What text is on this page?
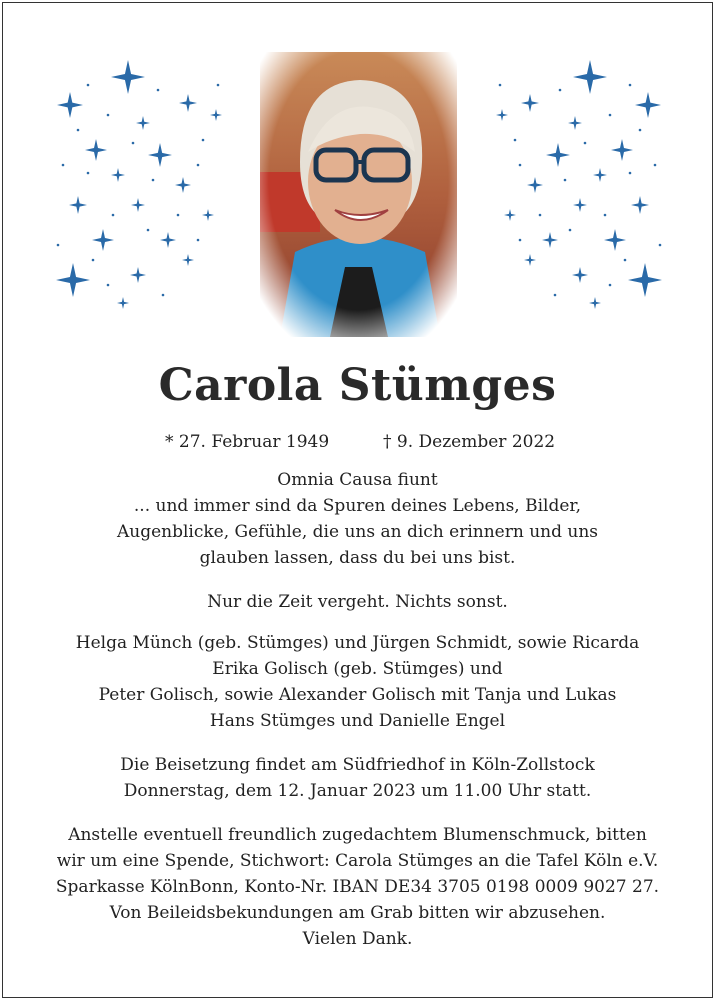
Carola Stümges
* 27. Februar 1949	† 9. Dezember 2022
Omnia Causa fiunt
... und immer sind da Spuren deines Lebens, Bilder,
Augenblicke, Gefühle, die uns an dich erinnern und uns
glauben lassen, dass du bei uns bist.
Nur die Zeit vergeht. Nichts sonst.
Helga Münch (geb. Stümges) und Jürgen Schmidt, sowie Ricarda
Erika Golisch (geb. Stümges) und
Peter Golisch, sowie Alexander Golisch mit Tanja und Lukas
Hans Stümges und Danielle Engel
Die Beisetzung findet am Südfriedhof in Köln-Zollstock
Donnerstag, dem 12. Januar 2023 um 11.00 Uhr statt.
Anstelle eventuell freundlich zugedachtem Blumenschmuck, bitten
wir um eine Spende, Stichwort: Carola Stümges an die Tafel Köln e.V.
Sparkasse KölnBonn, Konto-Nr. IBAN DE34 3705 0198 0009 9027 27.
Von Beileidsbekundungen am Grab bitten wir abzusehen.
Vielen Dank.
